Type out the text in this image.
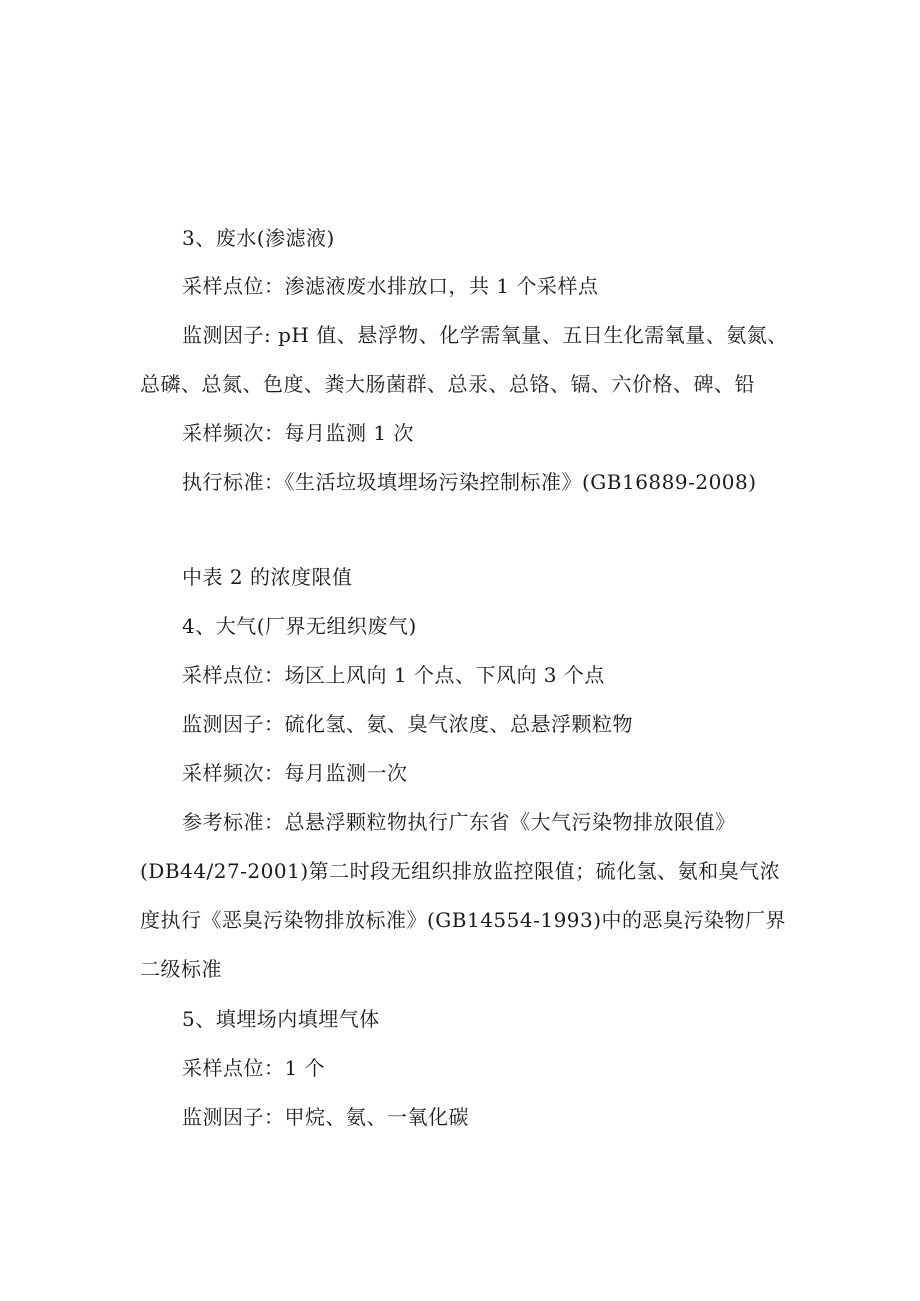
3、废水(渗滤液)
采样点位：渗滤液废水排放口，共 1 个采样点
监测因子: pH 值、悬浮物、化学需氧量、五日生化需氧量、氨氮、
总磷、总氮、色度、粪大肠菌群、总汞、总铬、镉、六价格、碑、铅
采样频次：每月监测 1 次
执行标准：《生活垃圾填埋场污染控制标准》(GB16889-2008)
中表 2 的浓度限值
4、大气(厂界无组织废气)
采样点位：场区上风向 1 个点、下风向 3 个点
监测因子：硫化氢、氨、臭气浓度、总悬浮颗粒物
采样频次：每月监测一次
参考标准：总悬浮颗粒物执行广东省《大气污染物排放限值》
(DB44/27-2001)第二时段无组织排放监控限值；硫化氢、氨和臭气浓
度执行《恶臭污染物排放标准》(GB14554-1993)中的恶臭污染物厂界
二级标准
5、填埋场内填埋气体
采样点位：1 个
监测因子：甲烷、氨、一氧化碳
